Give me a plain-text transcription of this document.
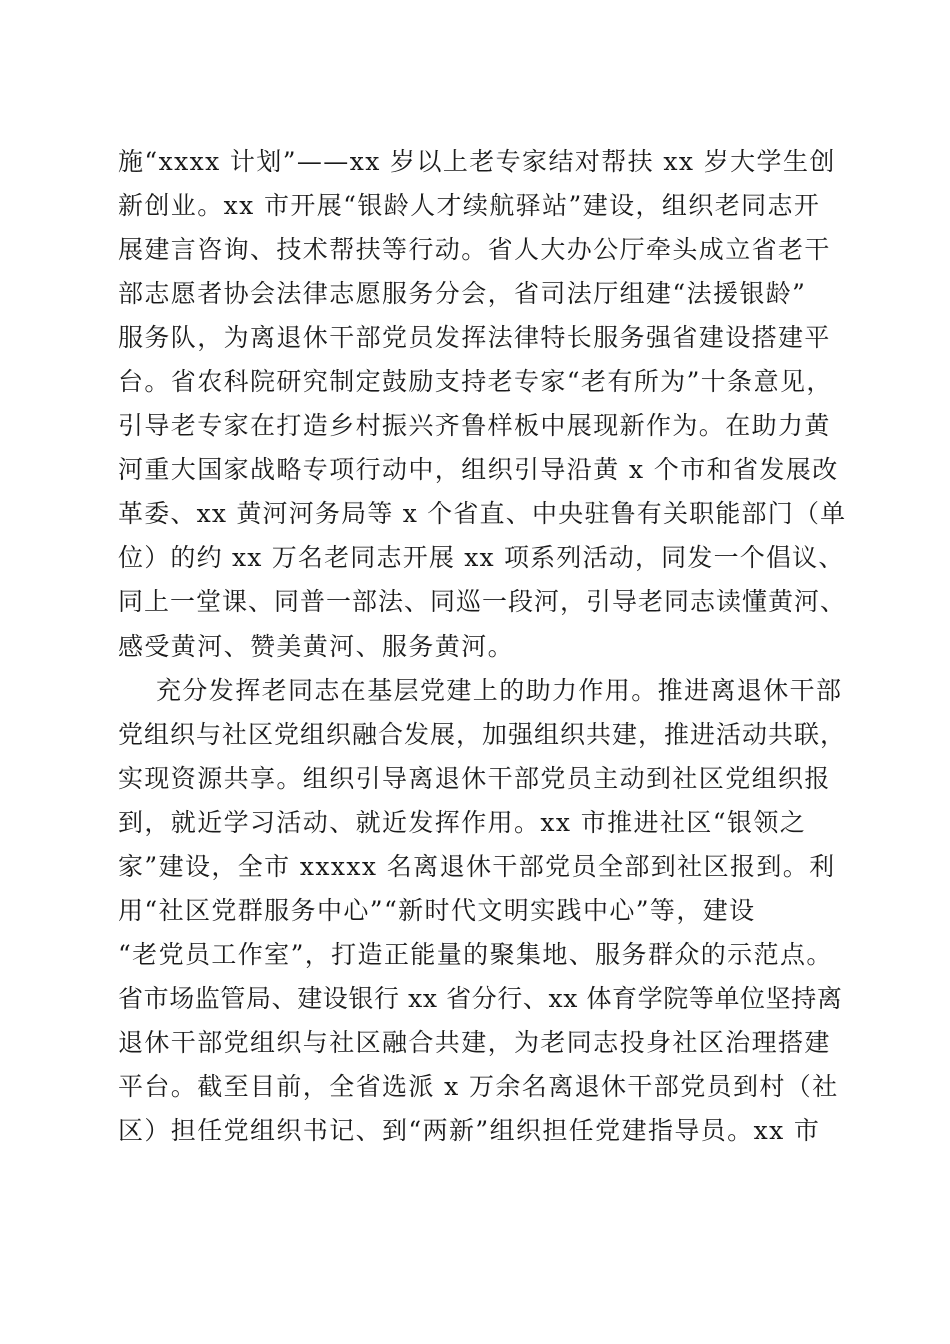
施“xxxx 计划”——xx 岁以上老专家结对帮扶 xx 岁大学生创
新创业。xx 市开展“银龄人才续航驿站”建设，组织老同志开
展建言咨询、技术帮扶等行动。省人大办公厅牵头成立省老干
部志愿者协会法律志愿服务分会，省司法厅组建“法援银龄”
服务队，为离退休干部党员发挥法律特长服务强省建设搭建平
台。省农科院研究制定鼓励支持老专家“老有所为”十条意见，
引导老专家在打造乡村振兴齐鲁样板中展现新作为。在助力黄
河重大国家战略专项行动中，组织引导沿黄 x 个市和省发展改
革委、xx 黄河河务局等 x 个省直、中央驻鲁有关职能部门（单
位）的约 xx 万名老同志开展 xx 项系列活动，同发一个倡议、
同上一堂课、同普一部法、同巡一段河，引导老同志读懂黄河、
感受黄河、赞美黄河、服务黄河。
充分发挥老同志在基层党建上的助力作用。推进离退休干部
党组织与社区党组织融合发展，加强组织共建，推进活动共联，
实现资源共享。组织引导离退休干部党员主动到社区党组织报
到，就近学习活动、就近发挥作用。xx 市推进社区“银领之
家”建设，全市 xxxxx 名离退休干部党员全部到社区报到。利
用“社区党群服务中心”“新时代文明实践中心”等，建设
“老党员工作室”，打造正能量的聚集地、服务群众的示范点。
省市场监管局、建设银行 xx 省分行、xx 体育学院等单位坚持离
退休干部党组织与社区融合共建，为老同志投身社区治理搭建
平台。截至目前，全省选派 x 万余名离退休干部党员到村（社
区）担任党组织书记、到“两新”组织担任党建指导员。xx 市
